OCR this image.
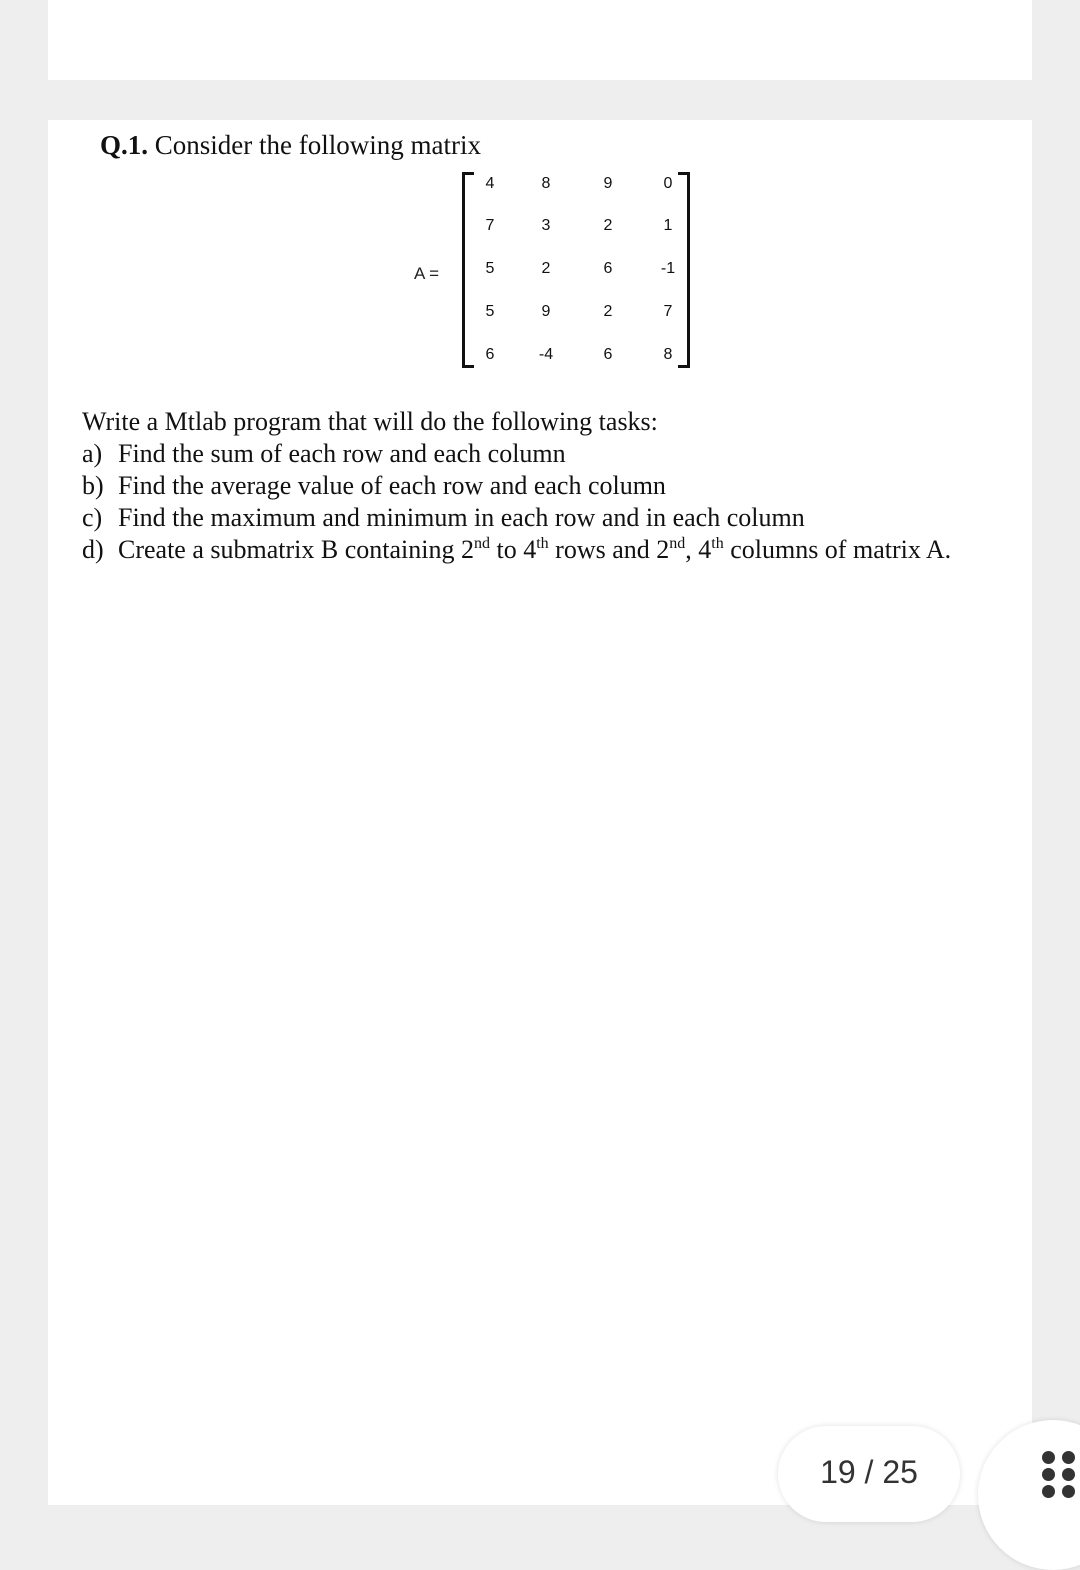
Q.1. Consider the following matrix
A =
4	8	9	0
7	3	2	1
5	2	6	-1
5	9	2	7
6	-4	6	8
Write a Mtlab program that will do the following tasks:
a) Find the sum of each row and each column
b) Find the average value of each row and each column
c) Find the maximum and minimum in each row and in each column
d) Create a submatrix B containing 2nd to 4th rows and 2nd, 4th columns of matrix A.
19 / 25
